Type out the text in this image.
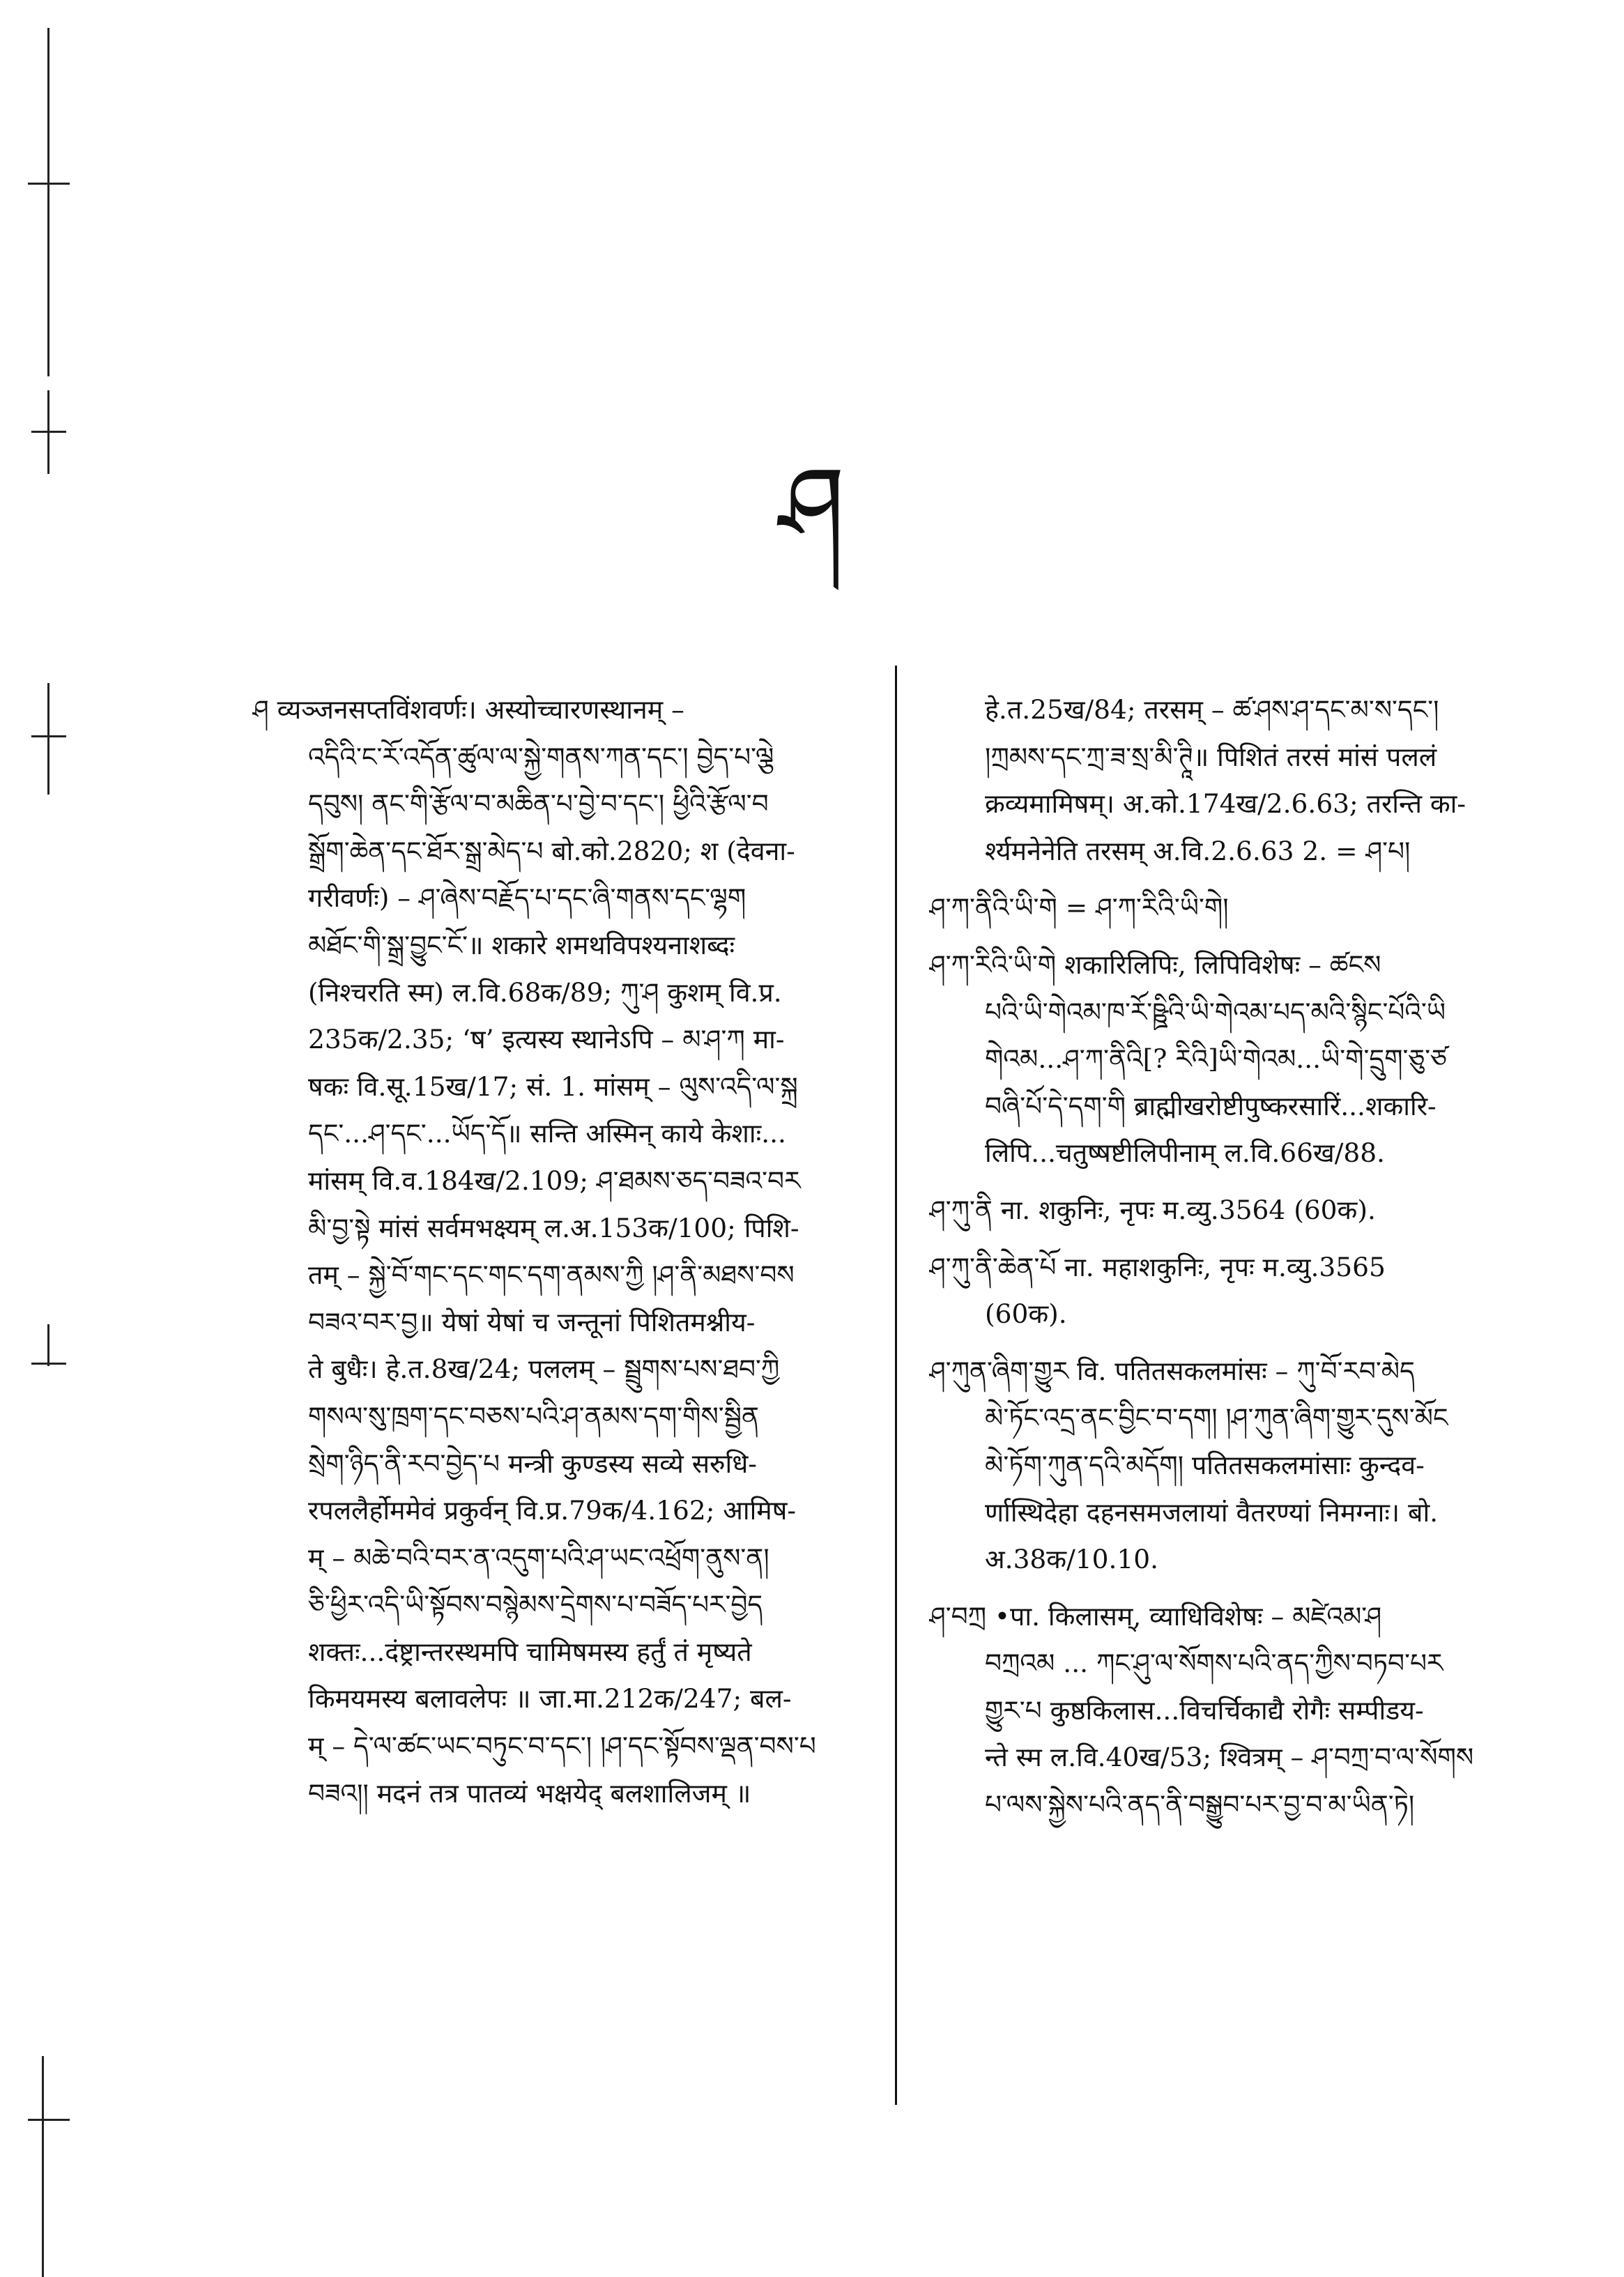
ཤ
ཤ व्यञ्जनसप्तविंशवर्णः। अस्योच्चारणस्थानम् –
འདིའི་ང་རོ་འདོན་ཚུལ་ལ་སྐྱེ་གནས་ཀན་དང་། བྱེད་པ་ལྕེ
དབུས། ནང་གི་རྩོལ་བ་མཆིན་པ་བྱེ་བ་དང་། ཕྱིའི་རྩོལ་བ
སྒྲོག་ཆེན་དང་ཐོར་སྒྲ་མེད་པ बो.को.2820; श (देवना-
गरीवर्णः) – ཤ་ཞེས་བརྗོད་པ་དང་ཞི་གནས་དང་ལྷག
མཐོང་གི་སྒྲ་བྱུང་ངོ་॥ शकारे शमथविपश्यनाशब्दः
(निश्चरति स्म) ल.वि.68क/89; ཀུ་ཤ कुशम् वि.प्र.
235क/2.35; ‘ष’ इत्यस्य स्थानेऽपि – མ་ཤ་ཀ मा-
षकः वि.सू.15ख/17; सं. 1. मांसम् – ལུས་འདི་ལ་སྐྲ
དང་...ཤ་དང་...ཡོད་དོ॥ सन्ति अस्मिन् काये केशाः...
मांसम् वि.व.184ख/2.109; ཤ་ཐམས་ཅད་བཟའ་བར
མི་བྱ་སྟེ मांसं सर्वमभक्ष्यम् ल.अ.153क/100; पिशि-
तम् – སྐྱེ་བོ་གང་དང་གང་དག་ནམས་ཀྱི །ཤ་ནི་མཐས་བས
བཟའ་བར་བྱ॥ येषां येषां च जन्तूनां पिशितमश्नीय-
ते बुधैः। हे.त.8ख/24; पललम् – སྦྲུགས་པས་ཐབ་ཀྱི
གསལ་སུ་ཁྲག་དང་བཅས་པའི་ཤ་ནམས་དག་གིས་སྦྱིན
སྲེག་ཉིད་ནི་རབ་བྱེད་པ मन्त्री कुण्डस्य सव्ये सरुधि-
रपललैर्होममेवं प्रकुर्वन् वि.प्र.79क/4.162; आमिष-
म् – མཆེ་བའི་བར་ན་འདུག་པའི་ཤ་ཡང་འཕྲོག་ནུས་ན།
ཅི་ཕྱིར་འདི་ཡི་སྟོབས་བསྙེམས་དྲེགས་པ་བཟོད་པར་བྱེད
शक्तः...दंष्ट्रान्तरस्थमपि चामिषमस्य हर्तुं तं मृष्यते
किमयमस्य बलावलेपः ॥ जा.मा.212क/247; बल-
म् – དེ་ལ་ཚང་ཡང་བཏུང་བ་དང་། །ཤ་དང་སྟོབས་ལྡན་བས་པ
བཟའ།། मदनं तत्र पातव्यं भक्षयेद् बलशालिजम् ॥
हे.त.25ख/84; तरसम् – ཚ་ཤས་ཤ་དང་མ་ས་དང་།
།ཀྲམས་དང་ཀྲ་ཟ་སྲ་མི་ཊཱི॥ पिशितं तरसं मांसं पललं
क्रव्यमामिषम्। अ.को.174ख/2.6.63; तरन्ति का-
र्श्यमनेनेति तरसम् अ.वि.2.6.63 2. = ཤ་པ།
ཤ་ཀ་ནིའི་ཡི་གེ = ཤ་ཀ་རིའི་ཡི་གེ།
ཤ་ཀ་རིའི་ཡི་གེ शकारिलिपिः, लिपिविशेषः – ཚངས
པའི་ཡི་གེའམ་ཁ་རོ་ཥྛིའི་ཡི་གེའམ་པད་མའི་སྙིང་པོའི་ཡི
གེའམ...ཤ་ཀ་ནིའི[? རིའི]ཡི་གེའམ...ཡི་གེ་དྲུག་ཅུ་ཙ
བཞི་པོ་དེ་དག་གི ब्राह्मीखरोष्टीपुष्करसारिं...शकारि-
लिपि...चतुष्षष्टीलिपीनाम् ल.वि.66ख/88.
ཤ་ཀུ་ནི ना. शकुनिः, नृपः म.व्यु.3564 (60क).
ཤ་ཀུ་ནི་ཆེན་པོ ना. महाशकुनिः, नृपः म.व्यु.3565
(60क).
ཤ་ཀུན་ཞིག་གྱུར वि. पतितसकलमांसः – ཀུ་བོ་རབ་མེད
མེ་ཏོང་འདྲ་ནང་བྱིང་བ་དག། །ཤ་ཀུན་ཞིག་གྱུར་དུས་མོང
མེ་ཏོག་ཀུན་དའི་མདོག། पतितसकलमांसाः कुन्दव-
र्णास्थिदेहा दहनसमजलायां वैतरण्यां निमग्नाः। बो.
अ.38क/10.10.
ཤ་བཀྲ •पा. किलासम्, व्याधिविशेषः – མཛེའམ་ཤ
བཀྲའམ ... ཀང་ཤུ་ལ་སོགས་པའི་ནད་ཀྱིས་བཏབ་པར
གྱུར་པ कुष्ठकिलास...विचर्चिकाद्यै रोगैः सम्पीडय-
न्ते स्म ल.वि.40ख/53; श्वित्रम् – ཤ་བཀྲ་བ་ལ་སོགས
པ་ལས་སྐྱེས་པའི་ནད་ནི་བསྒྱུབ་པར་བྱ་བ་མ་ཡིན་ཏེ།
